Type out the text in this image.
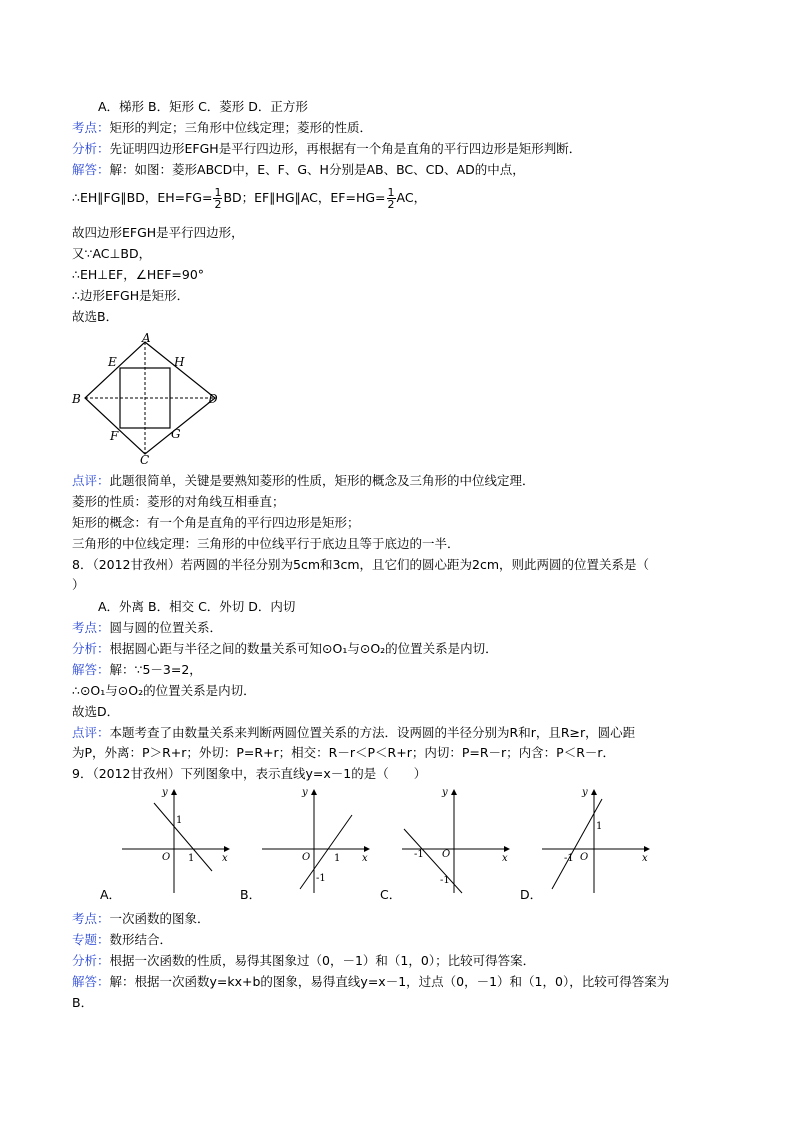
A．梯形 B．矩形 C．菱形 D．正方形
考点：矩形的判定；三角形中位线定理；菱形的性质．
分析：先证明四边形EFGH是平行四边形，再根据有一个角是直角的平行四边形是矩形判断．
解答：解：如图：菱形ABCD中，E、F、G、H分别是AB、BC、CD、AD的中点，
∴EH∥FG∥BD，$EH=FG= \frac{1}{2}$ BD；EF∥HG∥AC，$EF=HG= \frac{1}{2}$ AC，
故四边形EFGH是平行四边形，
又∵AC⊥BD，
∴EH⊥EF，∠HEF=90°
∴边形EFGH是矩形．
故选B．
A
B
C
D
E
F	G
H
点评：此题很简单，关键是要熟知菱形的性质，矩形的概念及三角形的中位线定理．
菱形的性质：菱形的对角线互相垂直；
矩形的概念：有一个角是直角的平行四边形是矩形；
三角形的中位线定理：三角形的中位线平行于底边且等于底边的一半．
8．（2012甘孜州）若两圆的半径分别为5cm和3cm，且它们的圆心距为2cm，则此两圆的位置关系是（
）
A．外离 B．相交 C．外切 D．内切
考点：圆与圆的位置关系．
分析：根据圆心距与半径之间的数量关系可知⊙O₁与⊙O₂的位置关系是内切．
解答：解：∵5－3=2，
∴⊙O₁与⊙O₂的位置关系是内切．
故选D．
点评：本题考查了由数量关系来判断两圆位置关系的方法．设两圆的半径分别为R和r，且R≥r，圆心距
为P，外离：P＞R+r；外切：P=R+r；相交：R－r＜P＜R+r；内切：P=R－r；内含：P＜R－r．
9．（2012甘孜州）下列图象中，表示直线y=x－1的是（　　）
y
x
O
1
1
A．
y
x
O 1
-1
B．
y
x
O
-1
-1
C．
y
x
O
-1
1
D．
考点：一次函数的图象．
专题：数形结合．
分析：根据一次函数的性质，易得其图象过（0，－1）和（1，0）；比较可得答案．
解答：解：根据一次函数y=kx+b的图象，易得直线y=x－1，过点（0，－1）和（1，0），比较可得答案为
B．
